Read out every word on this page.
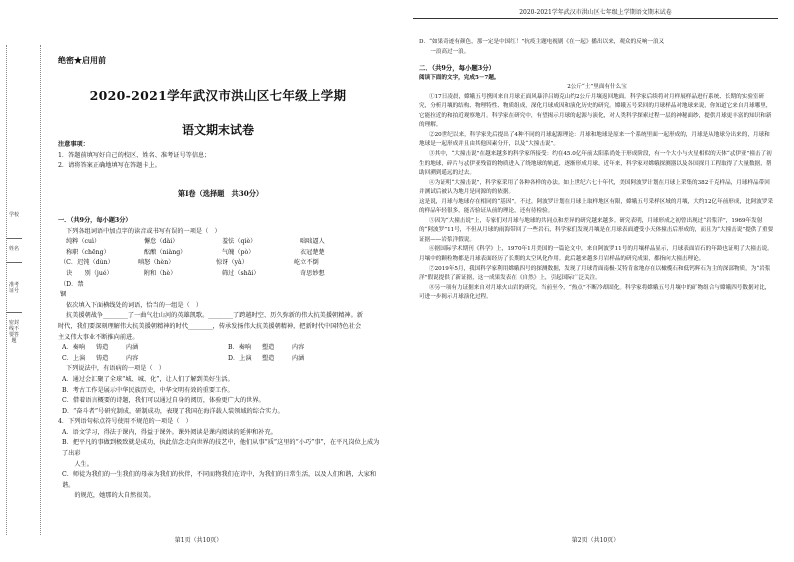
学校
姓名
准考证号
密封线不要答题
绝密★启用前
2020-2021学年武汉市洪山区七年级上学期
语文期末试卷
注意事项：
1．答题前填写好自己的校区、姓名、准考证号等信息；
2．请将答案正确地填写在答题卡上。
第Ⅰ卷（选择题　共30分）
一．（共9分，每小题3分）
下列各组词语中加点字的读音或书写有误的一项是（　）
纯粹（cuì）	懈怠（dài）	羞怯（qiè）	咄咄逼人
称职（chēng）	酝酿（niàng）	气魄（pò）	衣冠楚楚
（C．迟钝（dùn）	嗔怒（hèn）	惊讶（yà）	屹立不倒
诀　　别（jué）	附和（hè）	筛过（shāi）	奇思妙想
（D．禁
锢
依次填入下面横线处的词语，恰当的一组是（　）
抗美援朝战争________了一曲气壮山河的英雄凯歌。________了跨越时空、历久弥新的伟大抗美援朝精神。新
时代，我们要深刻理解伟大抗美援朝精神的时代________，传承发扬伟大抗美援朝精神，把新时代中国特色社会
主义伟大事业不断推向前进。
A．奏响	铸造	内涵	B．奏响	塑造	内容
C．上演	铸造	内容	D．上演	塑造	内涵
下列说法中，有语病的一项是（　）
A．通过会汇聚了全球“城、城、化”，让人们了解到美好生活。
B．考古工作是展示中华民族历史，中华文明有效的重要工作。
C．借着语言概要的诗题，我们可以通过自身的阅历，体验更广大的世界。
D．“奋斗者”号研究制成，研制成功，表现了我国在海洋载人装领域的综合实力。
4．下列语句标点符号使用不规范的一项是（　）
A．语文学习，得法于课内，得益于课外。课外阅读是课内阅读的延伸和补充。
B．把平凡的事做到极致就是成功，执此信念走向世界的技艺中，他们从事“质”这里的“小巧”事”，在平凡岗位上成为了出彩
　　人生。
C．师徒为我们的一生我们的母亲为我们的伙伴，不同而物我们在诗中，为我们的日常生活，以及人们和谐，大家和谐。
　　的规范，她那的大自然很美。
第1页（共10页）
2020-2021学年武汉市洪山区七年级上学期语文期末试卷
D．“如果奇迹有颜色，那一定是中国红！”抗疫主题电视剧《在一起》播出以来，观众的反响一浪又
　　一浪高过一浪。
二．（共9分，每小题3分）
阅读下面的文字，完成5－7题。
2公斤“土”里面有什么宝
①17日凌晨，嫦娥五号携回来自月球正面风暴洋吕姆克山约2公斤月壤返回地面。科学家后续将对月样展样品进行系统、长期的实验室研究，分析月壤的结构、物理特性、物质组成，深化月球成因和演化历史的研究。嫦娥五号采回的月球样品对地球来说，你知道它来自月球哪里，它能拉近的和拍近观察地月。科学家在研究中，有望揭示月球的起源与演化，对人类科学探索过程一层的神秘面纱，提供月球更丰富的知识和新的理解。
②20世纪以来，科学家先后提出了4种不同的月球起源理论：月球和地球是原来一个系统里面一起形成的，月球是从地球分出来的，月球和地球是一起形成并且由其他因素分开，以及“大撞击说”。
③其中，“大撞击说”在越来越多的科学家所接受：约在45.0亿年前太阳系尚处于形成阶段，有一个大小与火星相似的天体“忒伊亚”撞击了初生的地球，碎片与忒伊亚残留的物质进入了绕地球的轨道，逐渐形成月球。近年来，科学家对嫦娥探测器以及各国探月工程取得了大量数据，帮助回溯到遥远的过去。
④为证明“大撞击说”，科学家采用了各种各样的办法。如上世纪六七十年代，美国阿波罗计划在月球上采集的382千克样品，月球样品带回并测试后被认为地月是同源的的依据。
这是说，月球与地球存在相同的“基因”。不过，阿波罗计划在月球上取样地区有限，嫦娥五号采样区域的月壤，大约12亿年前形成，比阿波罗采的样品年轻很多，能否验证从前的理论，还有待检验。
⑤因为“大撞击说”上，专家们对月球与地球的共同点和差异的研究越来越多。研究表明，月球形成之初曾出现过“岩浆洋”，1969年发射的“阿波罗”11号，不但从月球的雨海带回了一些岩石，科学家们发现月壤是在月球表面遭受小天体撞击后形成的，而且为“大撞击说”提供了重要证据——岩浆洋假说。
⑥据国际学术期刊《科学》上，1970年1月美国的一篇论文中，来自阿波罗11号的月壤样品显示，月球表面岩石的年龄也证明了大撞击说。月壤中的颗粒物都是月球表面经历了长期的太空风化作用。此后越来越多月岩样品的研究成果，都指向大撞击理论。
⑦2019年5月，我国科学家利用嫦娥四号的探测数据，发现了月球背面南极-艾特肯盆地存在以橄榄石和低钙辉石为主的深部物质，为“岩浆洋”假说提供了新证据，这一成果发表在《自然》上，引起国际广泛关注。
⑧另一项有力证据来自对月球火山岩的研究。当前至今，“热点”不断冷却固化。科学家将嫦娥五号月壤中的矿物组合与嫦娥四号数据对比，可进一步揭示月球演化过程。
第2页（共10页）
